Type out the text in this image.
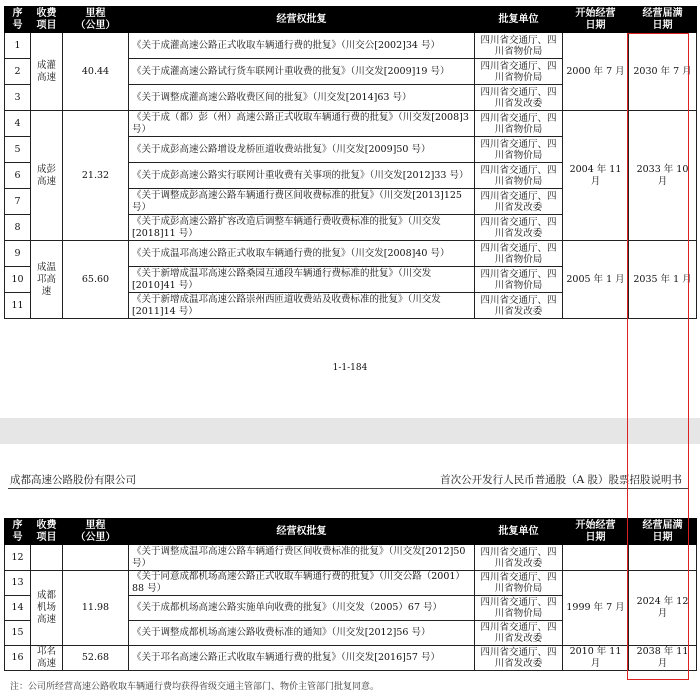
序
号	收费
项目	里程
（公里）	经营权批复	批复单位	开始经营
日期	经营届满
日期
1	成灌高速	40.44	《关于成灌高速公路正式收取车辆通行费的批复》（川交公[2002]34 号）	四川省交通厅、四川省物价局	2000 年 7 月	2030 年 7 月
2			《关于成灌高速公路试行货车联网计重收费的批复》（川交发[2009]19 号）	四川省交通厅、四川省物价局		
3			《关于调整成灌高速公路收费区间的批复》（川交发[2014]63 号）	四川省交通厅、四川省发改委		
4	成彭高速	21.32	《关于成（都）彭（州）高速公路正式收取车辆通行费的批复》（川交发[2008]3 号）	四川省交通厅、四川省物价局	2004 年 11 月	2033 年 10 月
5			《关于成彭高速公路增设龙桥匝道收费站批复》（川交发[2009]50 号）	四川省交通厅、四川省物价局		
6			《关于成彭高速公路实行联网计重收费有关事项的批复》（川交发[2012]33 号）	四川省交通厅、四川省物价局		
7			《关于调整成彭高速公路车辆通行费区间收费标准的批复》（川交发[2013]125 号）	四川省交通厅、四川省发改委		
8			《关于成彭高速公路扩容改造后调整车辆通行费收费标准的批复》（川交发[2018]11 号）	四川省交通厅、四川省发改委		
9	成温邛高速	65.60	《关于成温邛高速公路正式收取车辆通行费的批复》（川交发[2008]40 号）	四川省交通厅、四川省物价局	2005 年 1 月	2035 年 1 月
10			《关于新增成温邛高速公路桑园互通段车辆通行费标准的批复》（川交发[2010]41 号）	四川省交通厅、四川省物价局		
11			《关于新增成温邛高速公路崇州西匝道收费站及收费标准的批复》（川交发[2011]14 号）	四川省交通厅、四川省发改委		
1-1-184
成都高速公路股份有限公司	首次公开发行人民币普通股（A 股）股票招股说明书
序
号	收费
项目	里程
（公里）	经营权批复	批复单位	开始经营
日期	经营届满
日期
12			《关于调整成温邛高速公路车辆通行费区间收费标准的批复》（川交发[2012]50 号）	四川省交通厅、四川省发改委		
13	成都机场高速	11.98	《关于同意成都机场高速公路正式收取车辆通行费的批复》（川交公路（2001）88 号）	四川省交通厅、四川省物价局	1999 年 7 月	2024 年 12 月
14			《关于成都机场高速公路实施单向收费的批复》（川交发（2005）67 号）	四川省交通厅、四川省物价局		
15			《关于调整成都机场高速公路收费标准的通知》（川交发[2012]56 号）	四川省交通厅、四川省发改委		
16	邛名高速	52.68	《关于邛名高速公路正式收取车辆通行费的批复》（川交发[2016]57 号）	四川省交通厅、四川省发改委	2010 年 11 月	2038 年 11 月
注：公司所经营高速公路收取车辆通行费均获得省级交通主管部门、物价主管部门批复同意。
